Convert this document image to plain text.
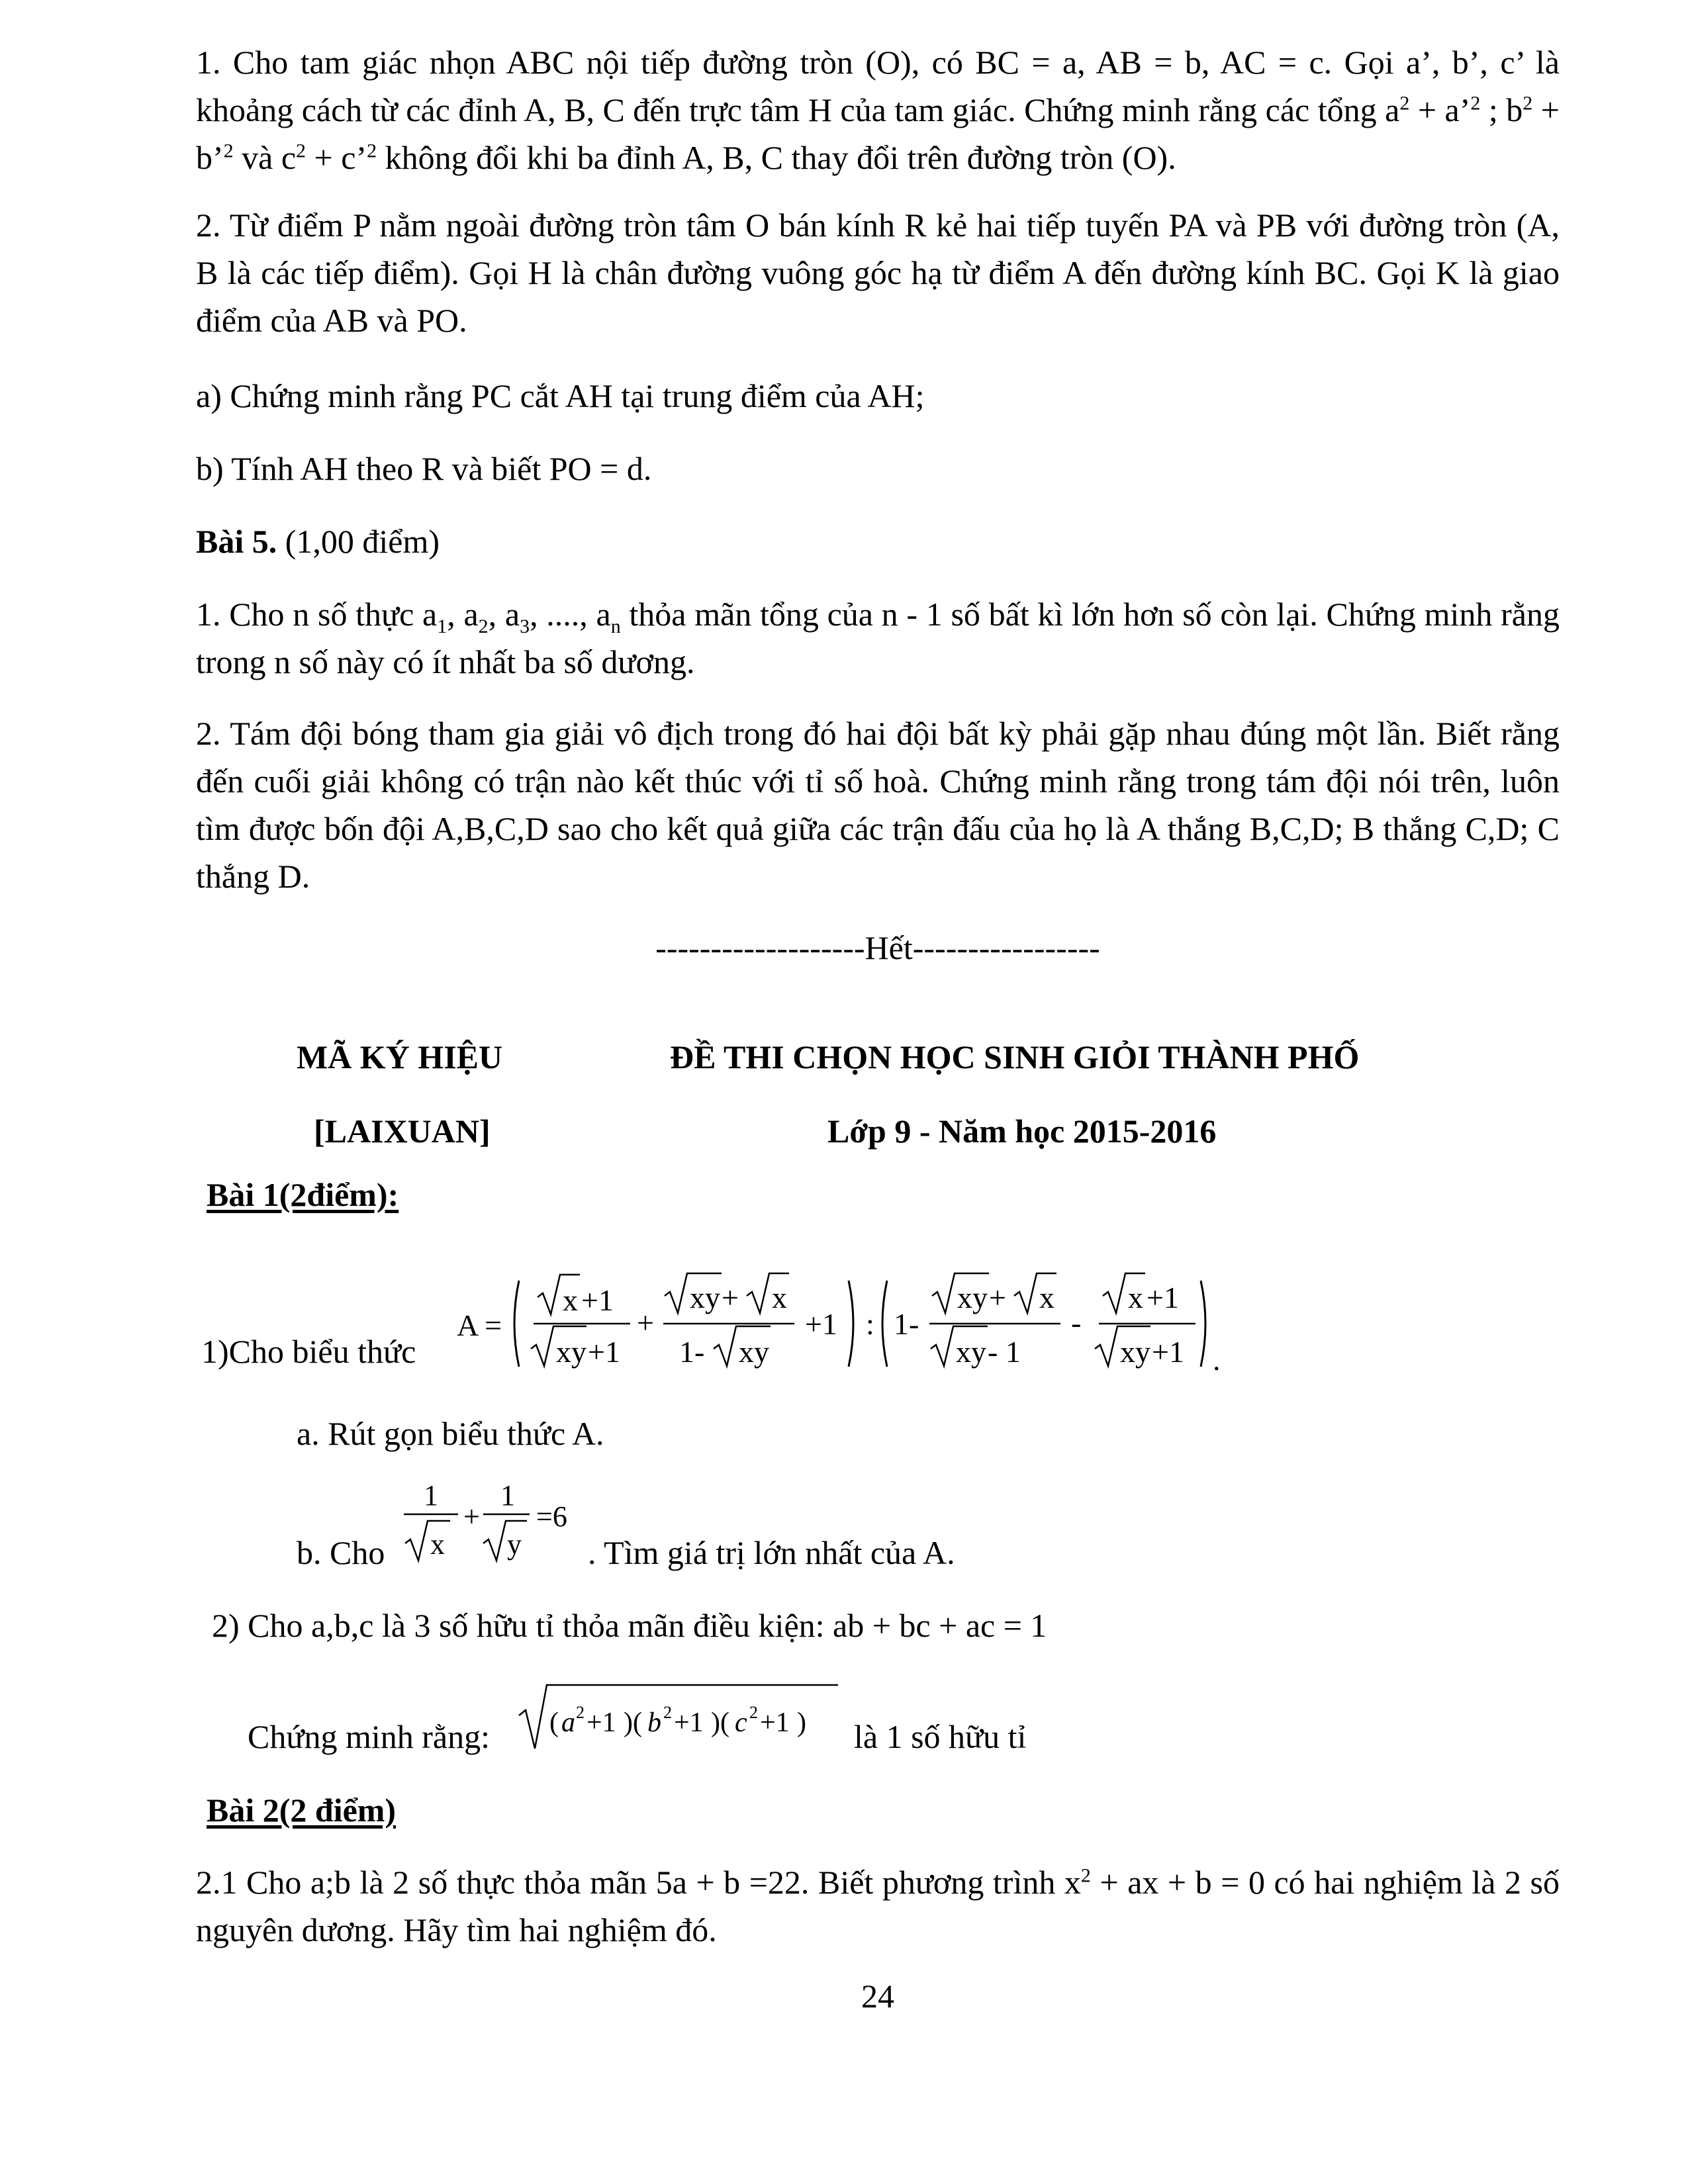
1. Cho tam giác nhọn ABC nội tiếp đường tròn (O), có BC = a, AB = b, AC = c. Gọi a’, b’, c’ là khoảng cách từ các đỉnh A, B, C đến trực tâm H của tam giác. Chứng minh rằng các tổng $a^2$ + a’$^2$ ; $b^2$ + b’$^2$ và $c^2$ + c’$^2$ không đổi khi ba đỉnh A, B, C thay đổi trên đường tròn (O).

2. Từ điểm P nằm ngoài đường tròn tâm O bán kính R kẻ hai tiếp tuyến PA và PB với đường tròn (A, B là các tiếp điểm). Gọi H là chân đường vuông góc hạ từ điểm A đến đường kính BC. Gọi K là giao điểm của AB và PO.

a) Chứng minh rằng PC cắt AH tại trung điểm của AH;

b) Tính AH theo R và biết PO = d.

Bài 5. (1,00 điểm)

1. Cho n số thực $a_1$, $a_2$, $a_3$, ...., $a_n$ thỏa mãn tổng của n - 1 số bất kì lớn hơn số còn lại. Chứng minh rằng trong n số này có ít nhất ba số dương.

2. Tám đội bóng tham gia giải vô địch trong đó hai đội bất kỳ phải gặp nhau đúng một lần. Biết rằng đến cuối giải không có trận nào kết thúc với tỉ số hoà. Chứng minh rằng trong tám đội nói trên, luôn tìm được bốn đội A,B,C,D sao cho kết quả giữa các trận đấu của họ là A thắng B,C,D; B thắng C,D; C thắng D.

-------------------Hết-----------------

MÃ KÝ HIỆU	ĐỀ THI CHỌN HỌC SINH GIỎI THÀNH PHỐ
[LAIXUAN]	Lớp 9 - Năm học 2015-2016
Bài 1(2điểm):
1)Cho biểu thức
A =
x +1
xy +1
+
xy + x
1- xy
+1 : 1-
xy + x
xy - 1
-
x +1
xy +1 .
a. Rút gọn biểu thức A.
b. Cho
1
x
+
1
y
=6
. Tìm giá trị lớn nhất của A.
2) Cho a,b,c là 3 số hữu tỉ thỏa mãn điều kiện: ab + bc + ac = 1
Chứng minh rằng:	( a 2 +1 )( b 2 +1 )( c 2 +1 ) là 1 số hữu tỉ
Bài 2(2 điểm)

2.1 Cho a;b là 2 số thực thỏa mãn 5a + b =22. Biết phương trình $x^2$ + ax + b = 0 có hai nghiệm là 2 số nguyên dương. Hãy tìm hai nghiệm đó.

24
